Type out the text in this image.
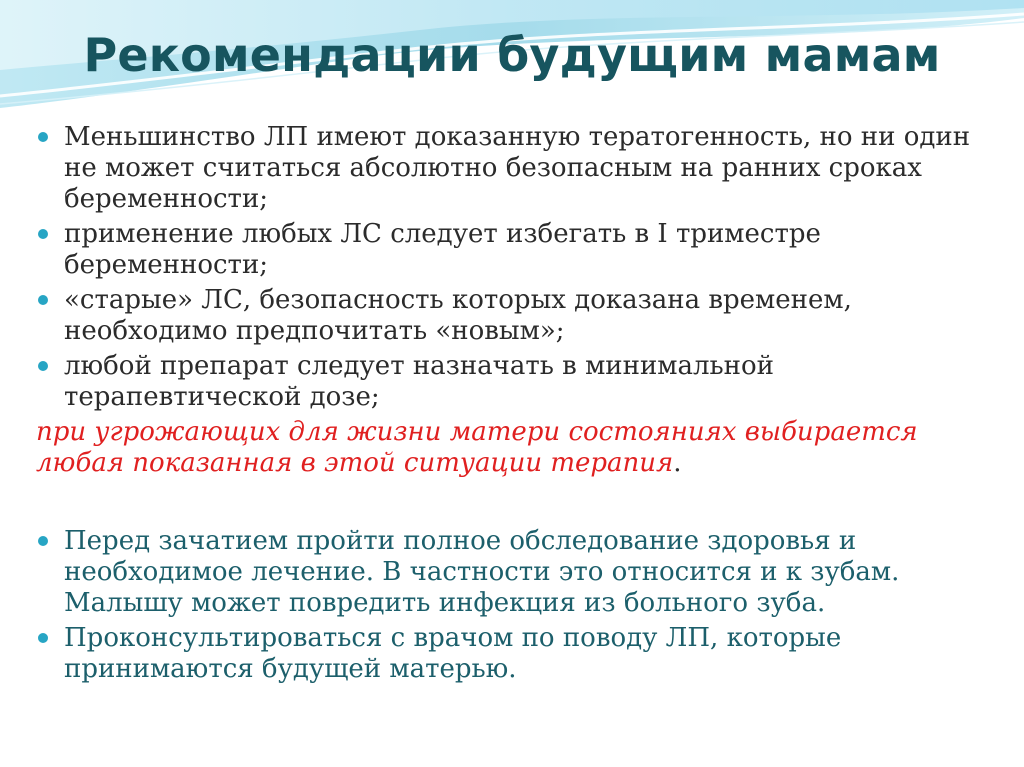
Рекомендации будущим мамам
Меньшинство ЛП имеют доказанную тератогенность, но ни один не может считаться абсолютно безопасным на ранних сроках беременности;
применение любых ЛС следует избегать в I триместре беременности;
«старые» ЛС, безопасность которых доказана временем, необходимо предпочитать «новым»;
любой препарат следует назначать в минимальной терапевтической дозе;

при угрожающих для жизни матери состояниях выбирается любая показанная в этой ситуации терапия.

Перед зачатием пройти полное обследование здоровья и необходимое лечение. В частности это относится и к зубам. Малышу может повредить инфекция из больного зуба.
Проконсультироваться с врачом по поводу ЛП, которые принимаются будущей матерью.
